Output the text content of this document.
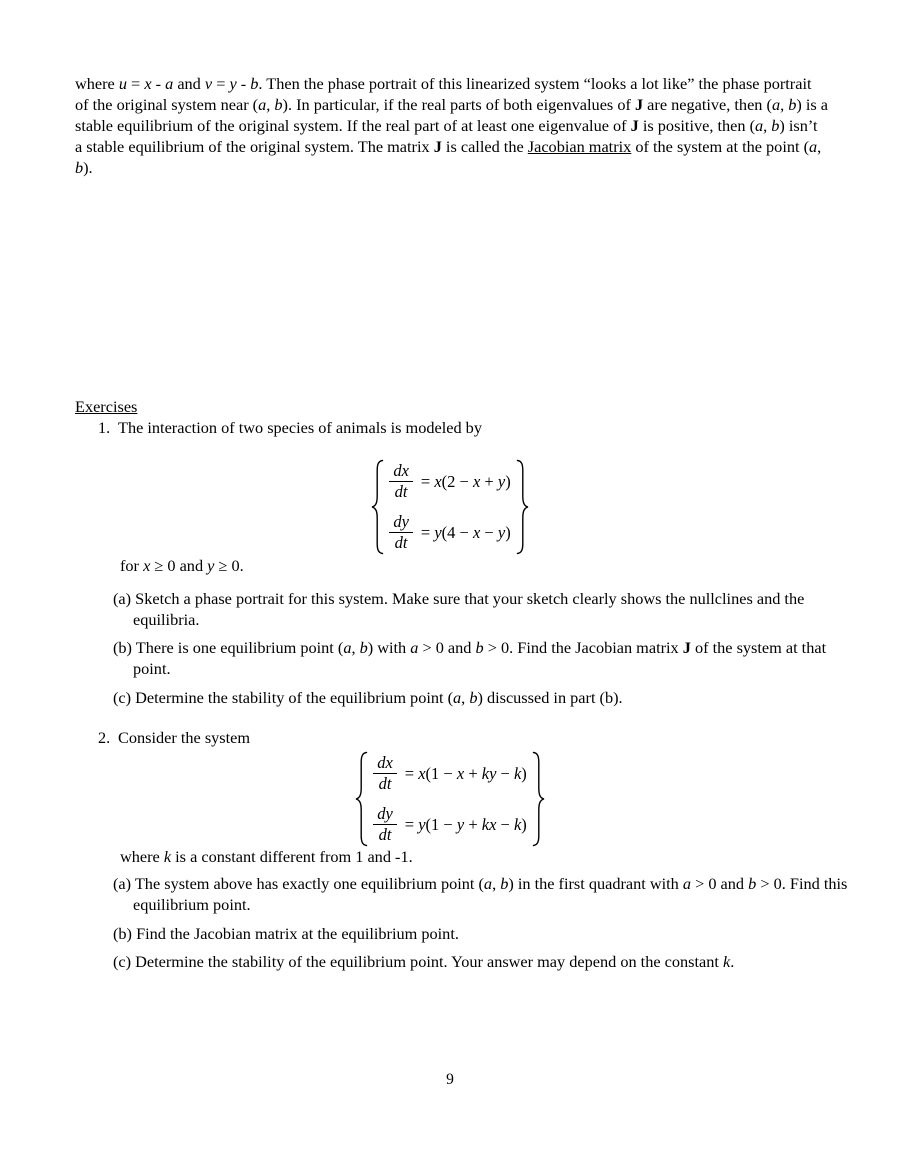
where u = x - a and v = y - b. Then the phase portrait of this linearized system “looks a lot like” the phase portrait of the original system near (a, b). In particular, if the real parts of both eigenvalues of J are negative, then (a, b) is a stable equilibrium of the original system. If the real part of at least one eigenvalue of J is positive, then (a, b) isn’t a stable equilibrium of the original system. The matrix J is called the Jacobian matrix of the system at the point (a, b).

Exercises
1. The interaction of two species of animals is modeled by
$\frac{dx}{dt} = x(2 - x + y)$
$\frac{dy}{dt} = y(4 - x - y)$

for x ≥ 0 and y ≥ 0.

(a) Sketch a phase portrait for this system. Make sure that your sketch clearly shows the nullclines and the equilibria.

(b) There is one equilibrium point (a, b) with a > 0 and b > 0. Find the Jacobian matrix J of the system at that point.

(c) Determine the stability of the equilibrium point (a, b) discussed in part (b).

2. Consider the system
$\frac{dx}{dt} = x(1 - x$ + ky − k)
$\frac{dy}{dt} = y(1 - y$ + kx − k)

where k is a constant different from 1 and -1.

(a) The system above has exactly one equilibrium point (a, b) in the first quadrant with a > 0 and b > 0. Find this equilibrium point.

(b) Find the Jacobian matrix at the equilibrium point.

(c) Determine the stability of the equilibrium point. Your answer may depend on the constant k.

9
